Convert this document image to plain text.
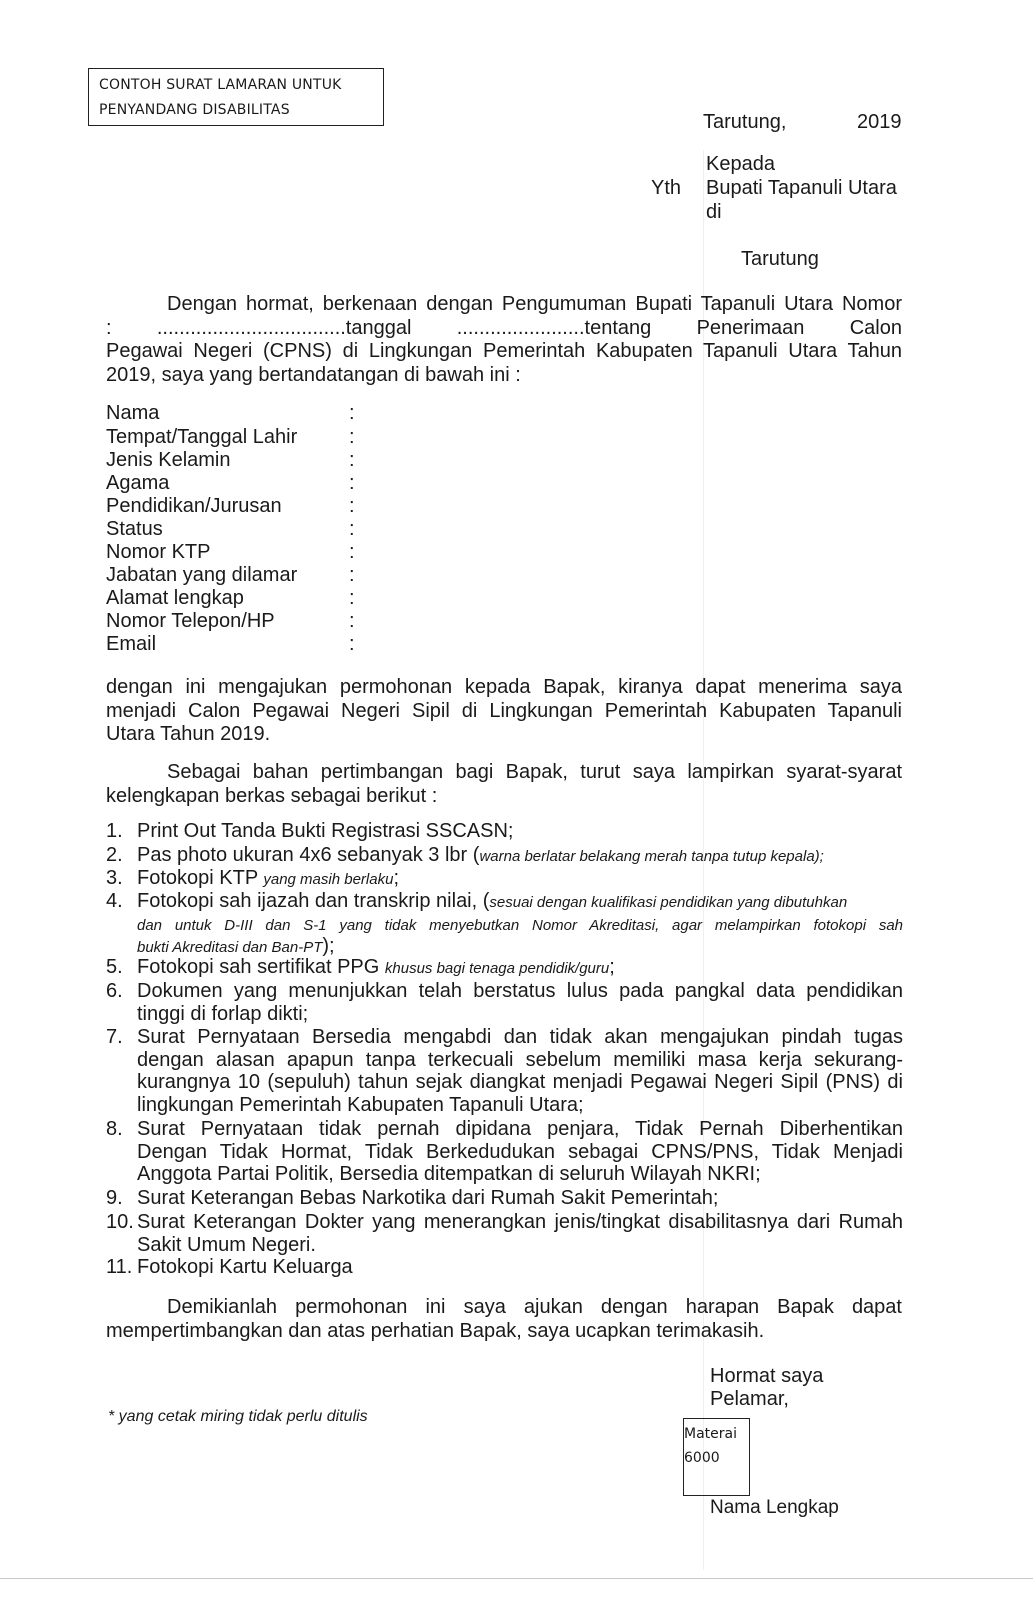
CONTOH SURAT LAMARAN UNTUK
PENYANDANG DISABILITAS
Tarutung,	2019
Kepada
Yth Bupati Tapanuli Utara
di
Tarutung
Dengan hormat, berkenaan dengan Pengumuman Bupati Tapanuli Utara Nomor
: ..................................tanggal .......................tentang Penerimaan Calon
Pegawai Negeri (CPNS) di Lingkungan Pemerintah Kabupaten Tapanuli Utara Tahun
2019, saya yang bertandatangan di bawah ini :
Nama	:
Tempat/Tanggal Lahir	:
Jenis Kelamin	:
Agama	:
Pendidikan/Jurusan	:
Status	:
Nomor KTP	:
Jabatan yang dilamar	:
Alamat lengkap	:
Nomor Telepon/HP	:
Email	:
dengan ini mengajukan permohonan kepada Bapak, kiranya dapat menerima saya
menjadi Calon Pegawai Negeri Sipil di Lingkungan Pemerintah Kabupaten Tapanuli
Utara Tahun 2019.
Sebagai bahan pertimbangan bagi Bapak, turut saya lampirkan syarat-syarat
kelengkapan berkas sebagai berikut :
1. Print Out Tanda Bukti Registrasi SSCASN;
2. Pas photo ukuran 4x6 sebanyak 3 lbr (warna berlatar belakang merah tanpa tutup kepala);
3. Fotokopi KTP yang masih berlaku;
4. Fotokopi sah ijazah dan transkrip nilai, (sesuai dengan kualifikasi pendidikan yang dibutuhkan
dan untuk D-III dan S-1 yang tidak menyebutkan Nomor Akreditasi, agar melampirkan fotokopi sah
bukti Akreditasi dan Ban-PT);
5. Fotokopi sah sertifikat PPG khusus bagi tenaga pendidik/guru;
6. Dokumen yang menunjukkan telah berstatus lulus pada pangkal data pendidikan
tinggi di forlap dikti;
7. Surat Pernyataan Bersedia mengabdi dan tidak akan mengajukan pindah tugas
dengan alasan apapun tanpa terkecuali sebelum memiliki masa kerja sekurang-
kurangnya 10 (sepuluh) tahun sejak diangkat menjadi Pegawai Negeri Sipil (PNS) di
lingkungan Pemerintah Kabupaten Tapanuli Utara;
8. Surat Pernyataan tidak pernah dipidana penjara, Tidak Pernah Diberhentikan
Dengan Tidak Hormat, Tidak Berkedudukan sebagai CPNS/PNS, Tidak Menjadi
Anggota Partai Politik, Bersedia ditempatkan di seluruh Wilayah NKRI;
9. Surat Keterangan Bebas Narkotika dari Rumah Sakit Pemerintah;
10. Surat Keterangan Dokter yang menerangkan jenis/tingkat disabilitasnya dari Rumah
Sakit Umum Negeri.
11. Fotokopi Kartu Keluarga
Demikianlah permohonan ini saya ajukan dengan harapan Bapak dapat
mempertimbangkan dan atas perhatian Bapak, saya ucapkan terimakasih.
Hormat saya
Pelamar,
Materai
6000
Nama Lengkap
* yang cetak miring tidak perlu ditulis
